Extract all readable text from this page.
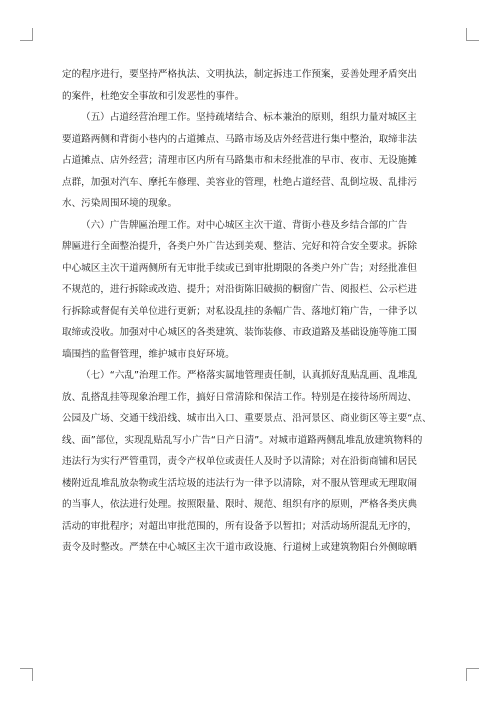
定的程序进行，要坚持严格执法、文明执法，制定拆违工作预案，妥善处理矛盾突出
的案件，杜绝安全事故和引发恶性的事件。
（五）占道经营治理工作。坚持疏堵结合、标本兼治的原则，组织力量对城区主
要道路两侧和背街小巷内的占道摊点、马路市场及店外经营进行集中整治，取缔非法
占道摊点、店外经营；清理市区内所有马路集市和未经批准的早市、夜市、无设施摊
点群，加强对汽车、摩托车修理、美容业的管理，杜绝占道经营、乱倒垃圾、乱排污
水、污染周围环境的现象。
（六）广告牌匾治理工作。对中心城区主次干道、背街小巷及乡结合部的广告
牌匾进行全面整治提升，各类户外广告达到美观、整洁、完好和符合安全要求。拆除
中心城区主次干道两侧所有无审批手续或已到审批期限的各类户外广告；对经批准但
不规范的，进行拆除或改造、提升；对沿街陈旧破损的橱窗广告、阅报栏、公示栏进
行拆除或督促有关单位进行更新；对私设乱挂的条幅广告、落地灯箱广告，一律予以
取缔或没收。加强对中心城区的各类建筑、装饰装修、市政道路及基础设施等施工围
墙围挡的监督管理，维护城市良好环境。
（七）“六乱”治理工作。严格落实属地管理责任制，认真抓好乱贴乱画、乱堆乱
放、乱搭乱挂等现象治理工作，搞好日常清除和保洁工作。特别是在接待场所周边、
公园及广场、交通干线沿线、城市出入口、重要景点、沿河景区、商业街区等主要“点、
线、面”部位，实现乱贴乱写小广告“日产日清”。对城市道路两侧乱堆乱放建筑物料的
违法行为实行严管重罚，责令产权单位或责任人及时予以清除；对在沿街商铺和居民
楼附近乱堆乱放杂物或生活垃圾的违法行为一律予以清除，对不服从管理或无理取闹
的当事人，依法进行处理。按照限量、限时、规范、组织有序的原则，严格各类庆典
活动的审批程序；对超出审批范围的，所有设备予以暂扣；对活动场所混乱无序的，
责令及时整改。严禁在中心城区主次干道市政设施、行道树上或建筑物阳台外侧晾晒
